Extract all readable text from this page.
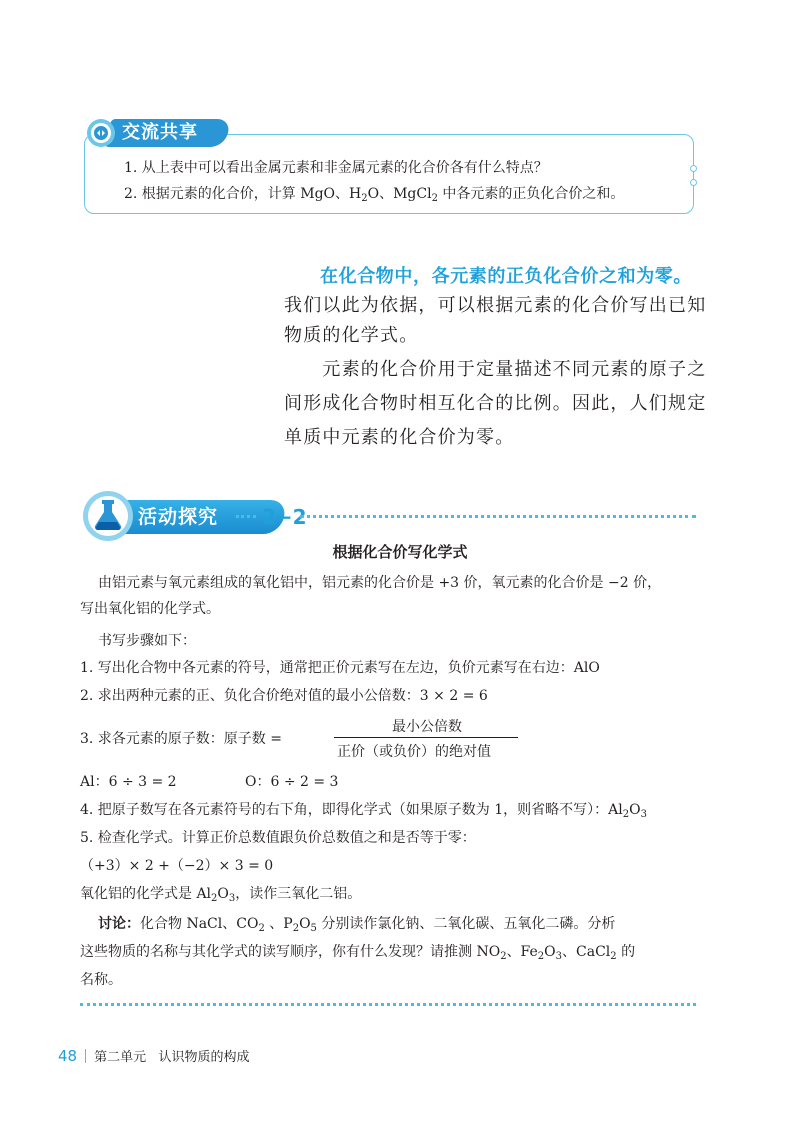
交流共享
1. 从上表中可以看出金属元素和非金属元素的化合价各有什么特点？
2. 根据元素的化合价，计算 MgO、$H_2O$、MgCl$_2$ 中各元素的正负化合价之和。
在化合物中，各元素的正负化合价之和为零。
我们以此为依据，可以根据元素的化合价写出已知
物质的化学式。
　　元素的化合价用于定量描述不同元素的原子之
间形成化合物时相互化合的比例。因此，人们规定
单质中元素的化合价为零。
活动探究 2−2
根据化合价写化学式
由铝元素与氧元素组成的氧化铝中，铝元素的化合价是 +3 价，氧元素的化合价是 −2 价，
写出氧化铝的化学式。
书写步骤如下：
1. 写出化合物中各元素的符号，通常把正价元素写在左边，负价元素写在右边：AlO
2. 求出两种元素的正、负化合价绝对值的最小公倍数：3 × 2 = 6
3. 求各元素的原子数：原子数 =
最小公倍数
正价（或负价）的绝对值
Al：6 ÷ 3 = 2	O：6 ÷ 2 = 3
4. 把原子数写在各元素符号的右下角，即得化学式（如果原子数为 1，则省略不写）：$Al_2O_3$
5. 检查化学式。计算正价总数值跟负价总数值之和是否等于零：
（+3）× 2 +（−2）× 3 = 0
氧化铝的化学式是 $Al_2O_3$，读作三氧化二铝。
讨论：化合物 NaCl、$CO_2$ 、$P_2O_5$ 分别读作氯化钠、二氧化碳、五氧化二磷。分析
这些物质的名称与其化学式的读写顺序，你有什么发现？请推测 $NO_2$、$Fe_2O_3$、CaCl$_2$ 的
名称。
48 第二单元 认识物质的构成
